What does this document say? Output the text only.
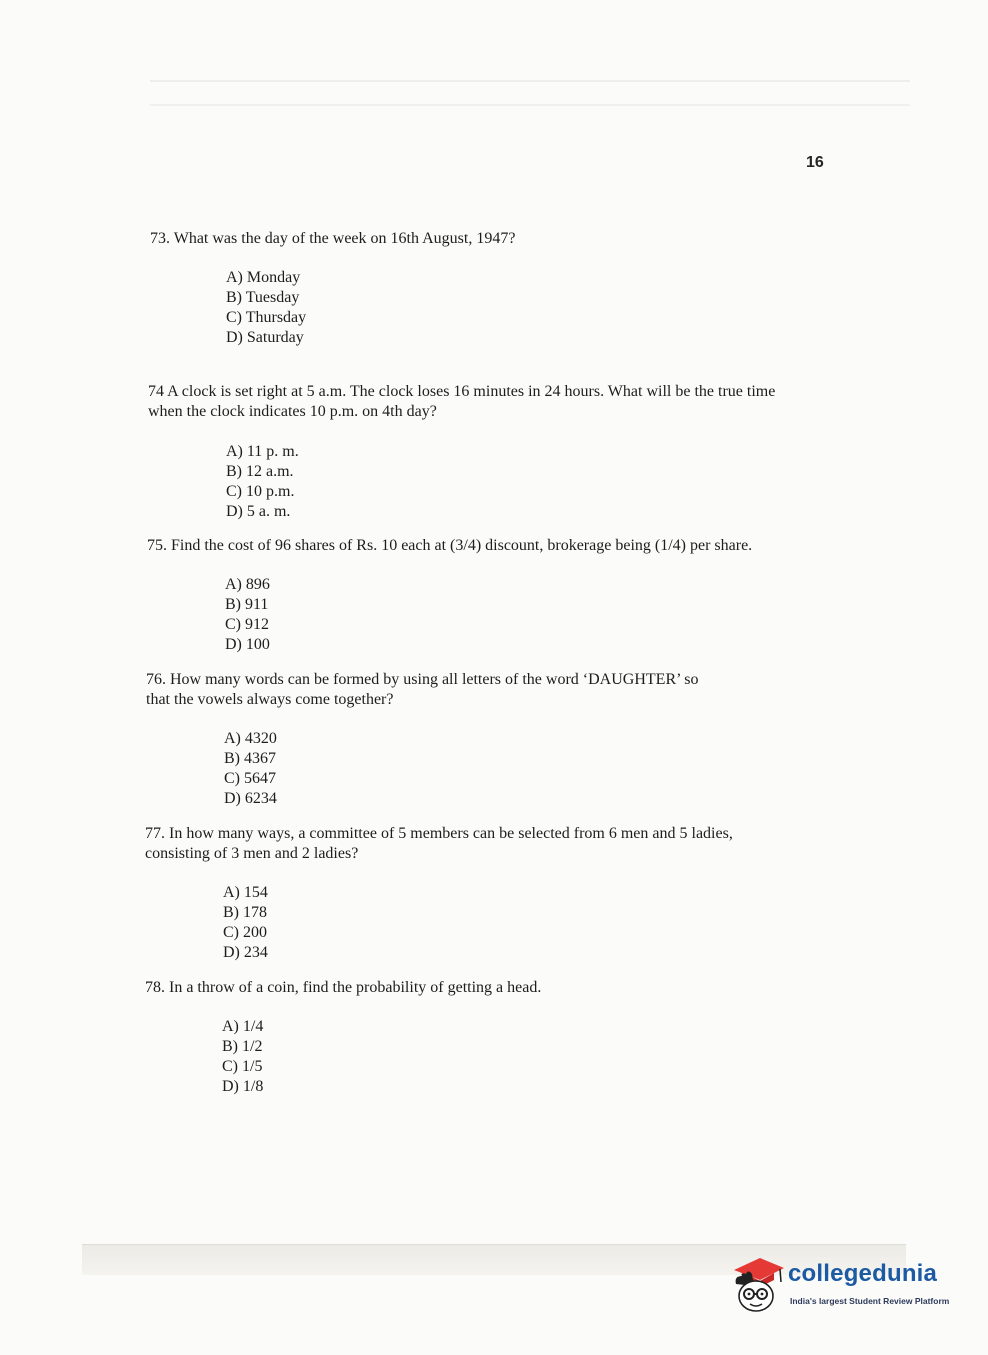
16

73. What was the day of the week on 16th August, 1947?

A) Monday
B) Tuesday
C) Thursday
D) Saturday

74 A clock is set right at 5 a.m. The clock loses 16 minutes in 24 hours. What will be the true time
when the clock indicates 10 p.m. on 4th day?

A) 11 p. m.
B) 12 a.m.
C) 10 p.m.
D) 5 a. m.

75. Find the cost of 96 shares of Rs. 10 each at (3/4) discount, brokerage being (1/4) per share.

A) 896
B) 911
C) 912
D) 100

76. How many words can be formed by using all letters of the word ‘DAUGHTER’ so
that the vowels always come together?

A) 4320
B) 4367
C) 5647
D) 6234

77. In how many ways, a committee of 5 members can be selected from 6 men and 5 ladies,
consisting of 3 men and 2 ladies?

A) 154
B) 178
C) 200
D) 234

78. In a throw of a coin, find the probability of getting a head.

A) 1/4
B) 1/2
C) 1/5
D) 1/8
collegedunia
India's largest Student Review Platform
